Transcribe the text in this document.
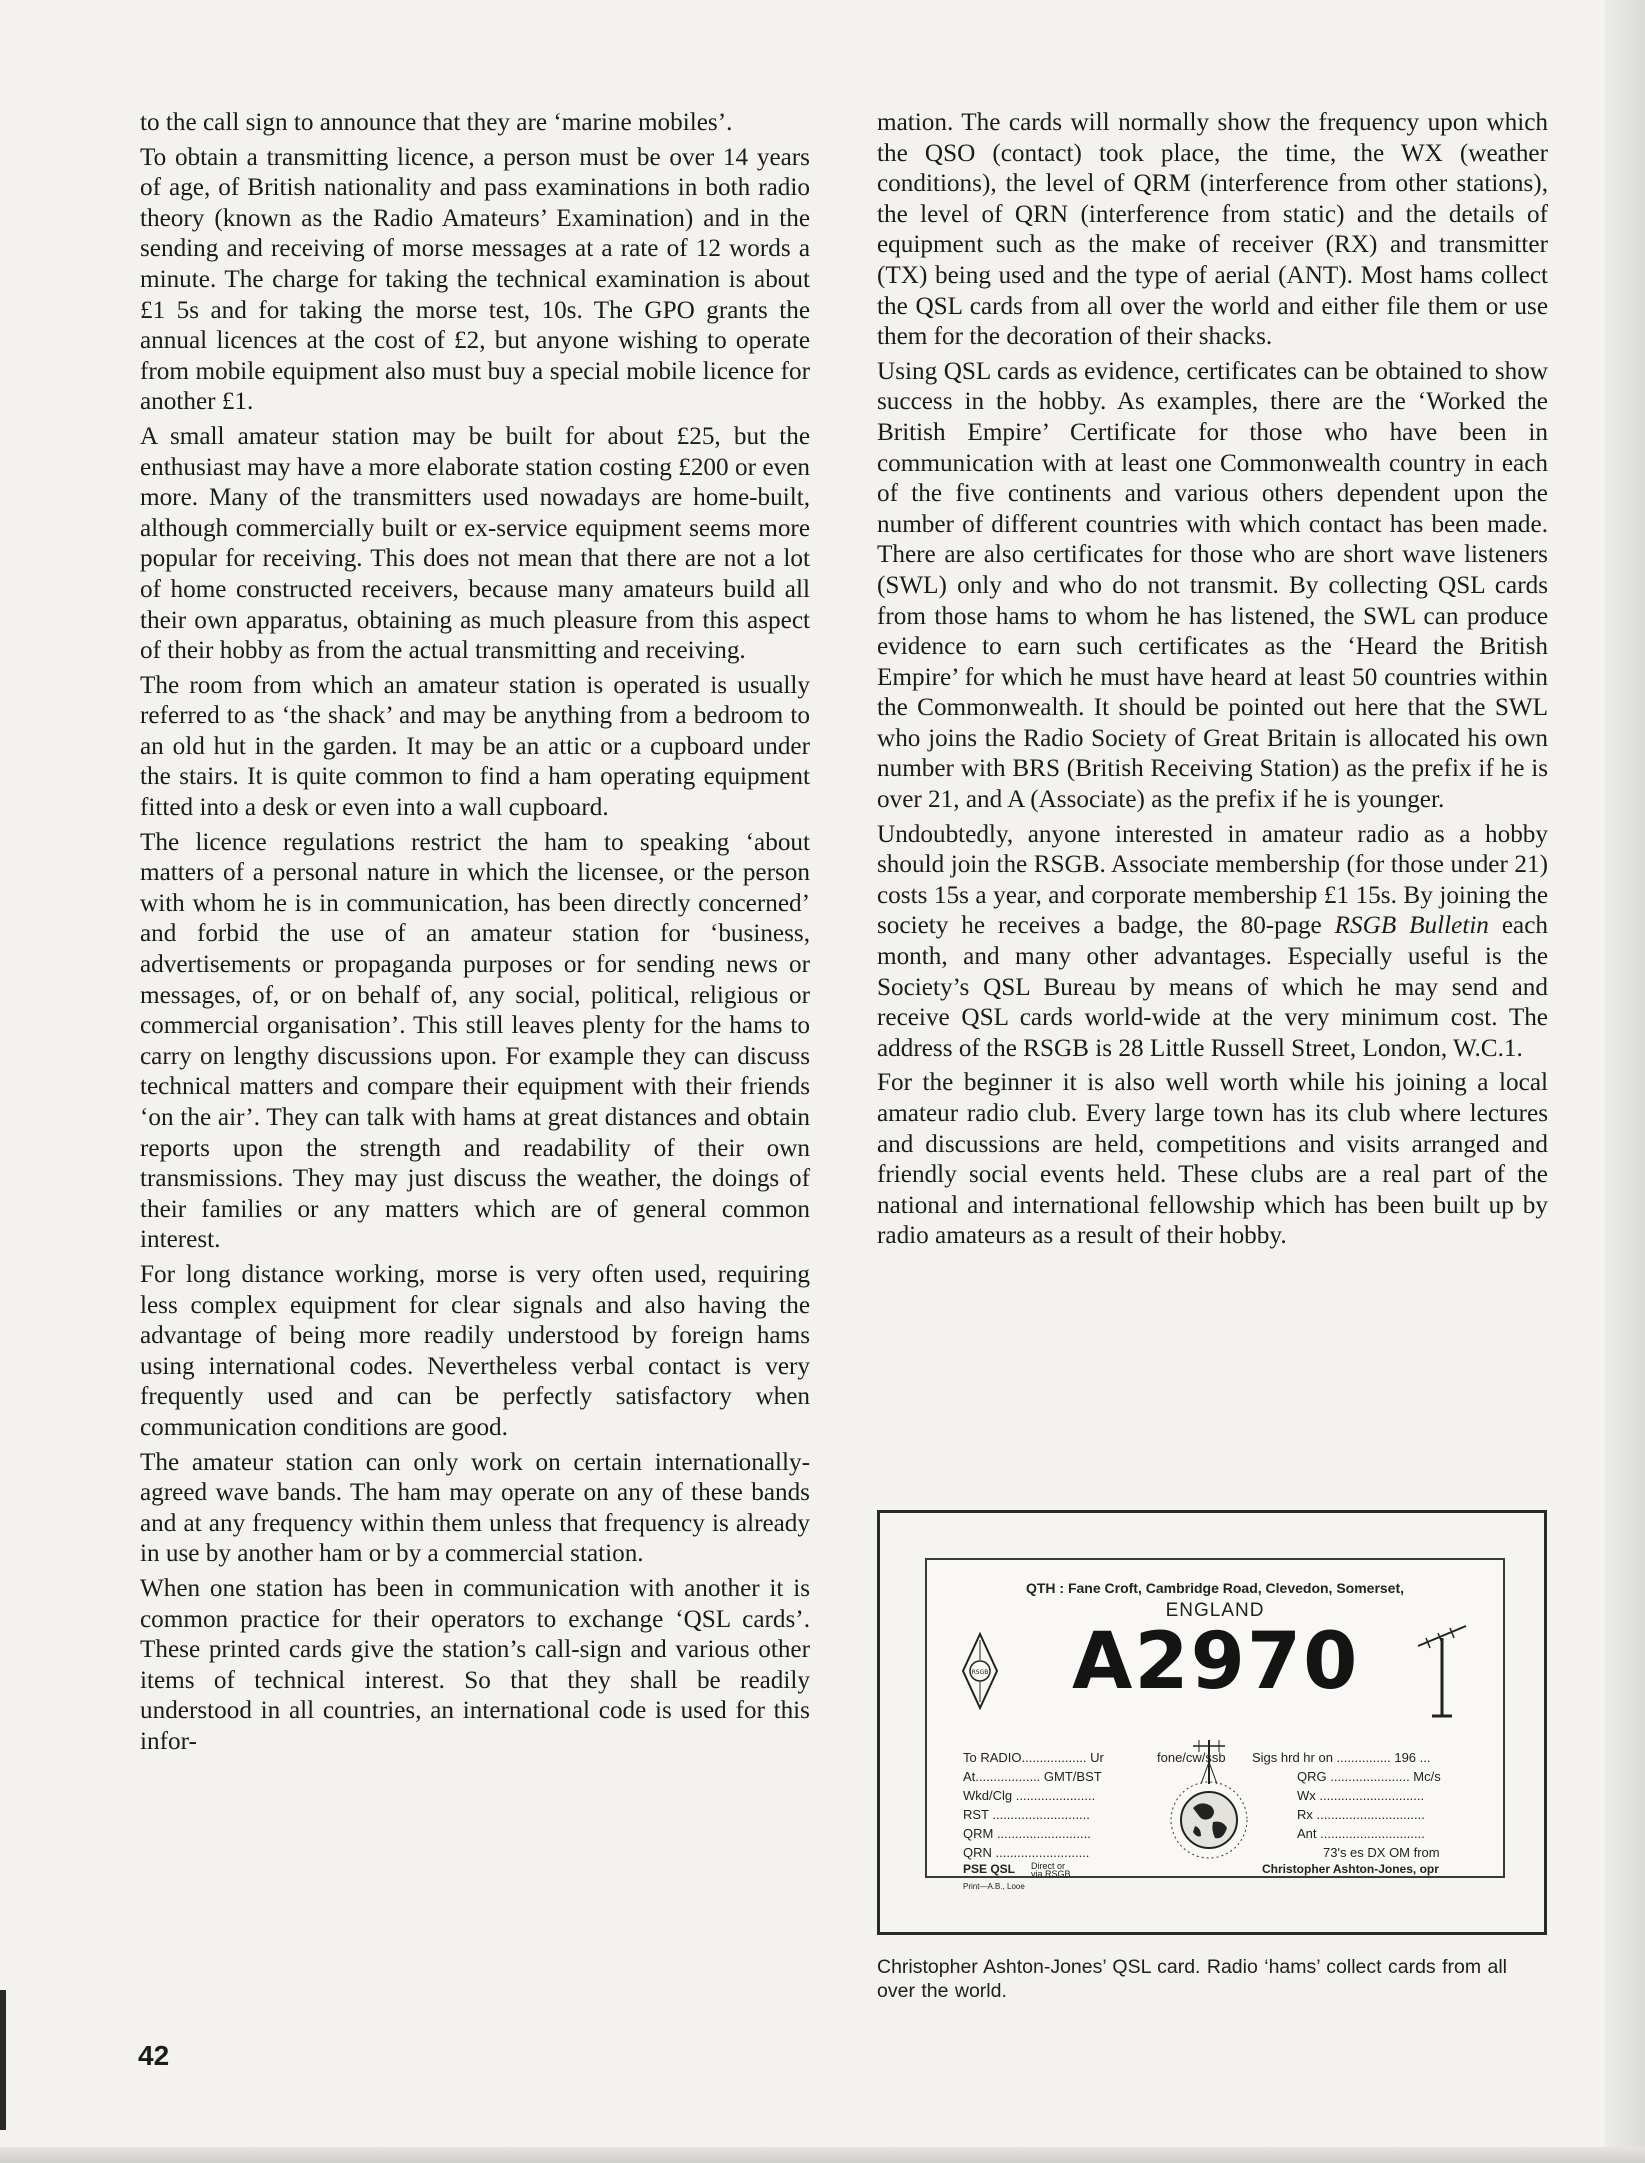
to the call sign to announce that they are ‘marine mobiles’.

To obtain a transmitting licence, a person must be over 14 years of age, of British nationality and pass examinations in both radio theory (known as the Radio Amateurs’ Examination) and in the sending and receiving of morse messages at a rate of 12 words a minute. The charge for taking the technical examination is about £1 5s and for taking the morse test, 10s. The GPO grants the annual licences at the cost of £2, but anyone wishing to operate from mobile equipment also must buy a special mobile licence for another £1.

A small amateur station may be built for about £25, but the enthusiast may have a more elaborate station costing £200 or even more. Many of the transmitters used nowadays are home-built, although commercially built or ex-service equipment seems more popular for receiving. This does not mean that there are not a lot of home constructed receivers, because many amateurs build all their own apparatus, obtaining as much pleasure from this aspect of their hobby as from the actual transmitting and receiving.

The room from which an amateur station is operated is usually referred to as ‘the shack’ and may be anything from a bedroom to an old hut in the garden. It may be an attic or a cupboard under the stairs. It is quite common to find a ham operating equipment fitted into a desk or even into a wall cupboard.

The licence regulations restrict the ham to speaking ‘about matters of a personal nature in which the licensee, or the person with whom he is in communication, has been directly concerned’ and forbid the use of an amateur station for ‘business, advertisements or propaganda purposes or for sending news or messages, of, or on behalf of, any social, political, religious or commercial organisation’. This still leaves plenty for the hams to carry on lengthy discussions upon. For example they can discuss technical matters and compare their equipment with their friends ‘on the air’. They can talk with hams at great distances and obtain reports upon the strength and readability of their own transmissions. They may just discuss the weather, the doings of their families or any matters which are of general common interest.

For long distance working, morse is very often used, requiring less complex equipment for clear signals and also having the advantage of being more readily understood by foreign hams using international codes. Nevertheless verbal contact is very frequently used and can be perfectly satisfactory when communication conditions are good.

The amateur station can only work on certain internationally-agreed wave bands. The ham may operate on any of these bands and at any frequency within them unless that frequency is already in use by another ham or by a commercial station.

When one station has been in communication with another it is common practice for their operators to exchange ‘QSL cards’. These printed cards give the station’s call-sign and various other items of technical interest. So that they shall be readily understood in all countries, an international code is used for this infor-

mation. The cards will normally show the frequency upon which the QSO (contact) took place, the time, the WX (weather conditions), the level of QRM (interference from other stations), the level of QRN (interference from static) and the details of equipment such as the make of receiver (RX) and transmitter (TX) being used and the type of aerial (ANT). Most hams collect the QSL cards from all over the world and either file them or use them for the decoration of their shacks.

Using QSL cards as evidence, certificates can be obtained to show success in the hobby. As examples, there are the ‘Worked the British Empire’ Certificate for those who have been in communication with at least one Commonwealth country in each of the five continents and various others dependent upon the number of different countries with which contact has been made. There are also certificates for those who are short wave listeners (SWL) only and who do not transmit. By collecting QSL cards from those hams to whom he has listened, the SWL can produce evidence to earn such certificates as the ‘Heard the British Empire’ for which he must have heard at least 50 countries within the Commonwealth. It should be pointed out here that the SWL who joins the Radio Society of Great Britain is allocated his own number with BRS (British Receiving Station) as the prefix if he is over 21, and A (Associate) as the prefix if he is younger.

Undoubtedly, anyone interested in amateur radio as a hobby should join the RSGB. Associate membership (for those under 21) costs 15s a year, and corporate membership £1 15s. By joining the society he receives a badge, the 80-page RSGB Bulletin each month, and many other advantages. Especially useful is the Society’s QSL Bureau by means of which he may send and receive QSL cards world-wide at the very minimum cost. The address of the RSGB is 28 Little Russell Street, London, W.C.1.

For the beginner it is also well worth while his joining a local amateur radio club. Every large town has its club where lectures and discussions are held, competitions and visits arranged and friendly social events held. These clubs are a real part of the national and international fellowship which has been built up by radio amateurs as a result of their hobby.

QTH : Fane Croft, Cambridge Road, Clevedon, Somerset,
ENGLAND
RSGB A2970
To RADIO.................. Ur	fone/cw/ssb Sigs hrd hr on ............... 196 ...
At.................. GMT/BST	QRG ...................... Mc/s
Wkd/Clg ......................	Wx .............................
RST ...........................	Rx ..............................
QRM ..........................	Ant .............................
QRN ..........................	73's es DX OM from
PSE QSL Direct or via RSGB	Christopher Ashton-Jones, opr
Print—A.B., Looe
Christopher Ashton-Jones’ QSL card. Radio ‘hams’ collect cards from all over the world.
42
